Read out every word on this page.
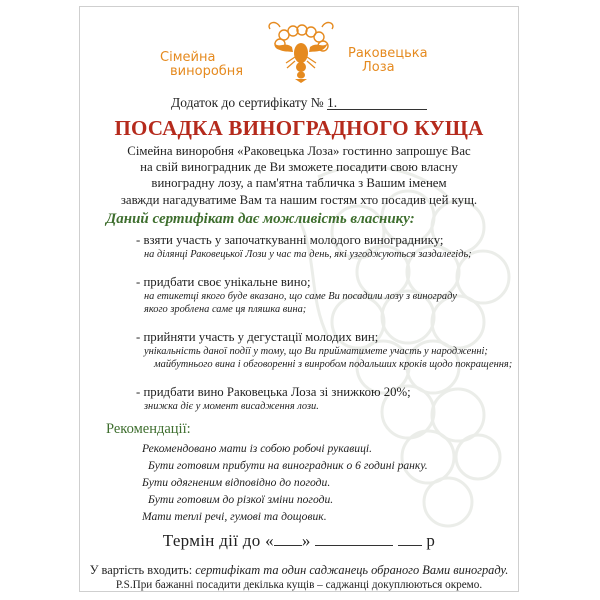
Сімейна
виноробня
Раковецька
Лоза
Додаток до сертифікату № 1.
ПОСАДКА ВИНОГРАДНОГО КУЩА
Сімейна виноробня «Раковецька Лоза» гостинно запрошує Вас
на свій виноградник де Ви зможете посадити свою власну
виноградну лозу, а пам'ятна табличка з Вашим іменем
завжди нагадуватиме Вам та нашим гостям хто посадив цей кущ.
Даний сертифікат дає можливість власнику:
- взяти участь у започаткуванні молодого винограднику;
на ділянці Раковецької Лози у час та день, які узгоджуються заздалегідь;
- придбати своє унікальне вино;
на етикетці якого буде вказано, що саме Ви посадили лозу з винограду
якого зроблена саме ця пляшка вина;
- прийняти участь у дегустації молодих вин;
унікальність даної події у тому, що Ви прийматимете участь у народженні;
майбутнього вина і обговоренні з винробом подальших кроків щодо покращення;
- придбати вино Раковецька Лоза зі знижкою 20%;
знижка діє у момент висадження лози.
Рекомендації:
Рекомендовано мати із собою робочі рукавиці.
Бути готовим прибути на виноградник о 6 годині ранку.
Бути одягненим відповідно до погоди.
Бути готовим до різкої зміни погоди.
Мати теплі речі, гумові та дощовик.
Термін дії до « »	р
У вартість входить: сертифікат та один саджанець обраного Вами винограду.
P.S.При бажанні посадити декілька кущів – саджанці докуплюються окремо.
